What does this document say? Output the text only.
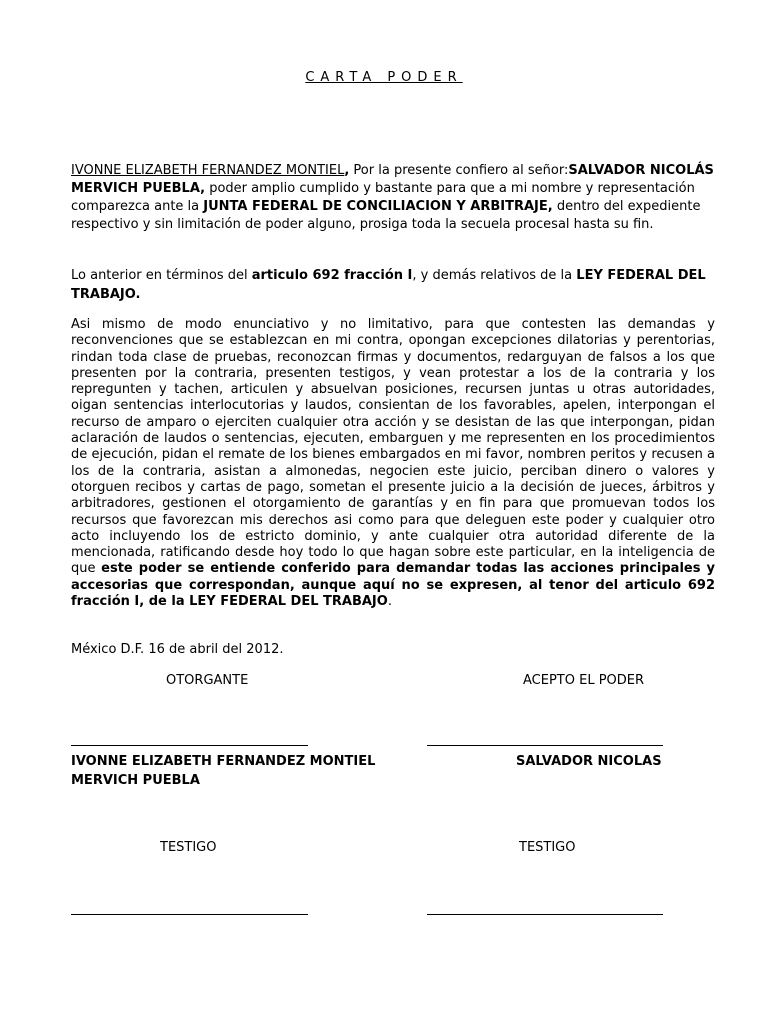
CARTA PODER
IVONNE ELIZABETH FERNANDEZ MONTIEL, Por la presente confiero al señor:SALVADOR NICOLÁS MERVICH PUEBLA, poder amplio cumplido y bastante para que a mi nombre y representación comparezca ante la JUNTA FEDERAL DE CONCILIACION Y ARBITRAJE, dentro del expediente respectivo y sin limitación de poder alguno, prosiga toda la secuela procesal hasta su fin.
Lo anterior en términos del articulo 692 fracción I, y demás relativos de la LEY FEDERAL DEL TRABAJO.
Asi mismo de modo enunciativo y no limitativo, para que contesten las demandas y reconvenciones que se establezcan en mi contra, opongan excepciones dilatorias y perentorias, rindan toda clase de pruebas, reconozcan firmas y documentos, redarguyan de falsos a los que presenten por la contraria, presenten testigos, y vean protestar a los de la contraria y los repregunten y tachen, articulen y absuelvan posiciones, recursen juntas u otras autoridades, oigan sentencias interlocutorias y laudos, consientan de los favorables, apelen, interpongan el recurso de amparo o ejerciten cualquier otra acción y se desistan de las que interpongan, pidan aclaración de laudos o sentencias, ejecuten, embarguen y me representen en los procedimientos de ejecución, pidan el remate de los bienes embargados en mi favor, nombren peritos y recusen a los de la contraria, asistan a almonedas, negocien este juicio, perciban dinero o valores y otorguen recibos y cartas de pago, sometan el presente juicio a la decisión de jueces, árbitros y arbitradores, gestionen el otorgamiento de garantías y en fin para que promuevan todos los recursos que favorezcan mis derechos asi como para que deleguen este poder y cualquier otro acto incluyendo los de estricto dominio, y ante cualquier otra autoridad diferente de la mencionada, ratificando desde hoy todo lo que hagan sobre este particular, en la inteligencia de que este poder se entiende conferido para demandar todas las acciones principales y accesorias que correspondan, aunque aquí no se expresen, al tenor del articulo 692 fracción I, de la LEY FEDERAL DEL TRABAJO.
México D.F. 16 de abril del 2012.
OTORGANTE	ACEPTO EL PODER
IVONNE ELIZABETH FERNANDEZ MONTIEL	SALVADOR NICOLAS
MERVICH PUEBLA
TESTIGO	TESTIGO
